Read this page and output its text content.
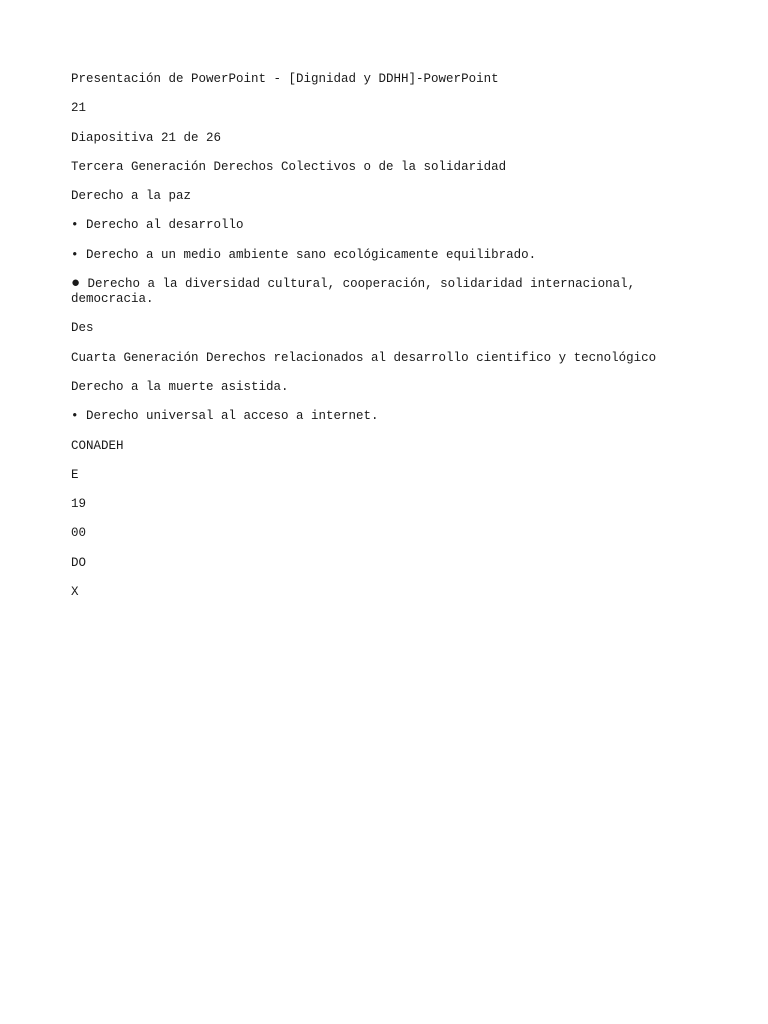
Presentación de PowerPoint - [Dignidad y DDHH]-PowerPoint
21
Diapositiva 21 de 26
Tercera Generación Derechos Colectivos o de la solidaridad
Derecho a la paz
• Derecho al desarrollo
• Derecho a un medio ambiente sano ecológicamente equilibrado.
● Derecho a la diversidad cultural, cooperación, solidaridad internacional, democracia.
Des
Cuarta Generación Derechos relacionados al desarrollo cientifico y tecnológico
Derecho a la muerte asistida.
• Derecho universal al acceso a internet.
CONADEH
E
19
00
DO
X
